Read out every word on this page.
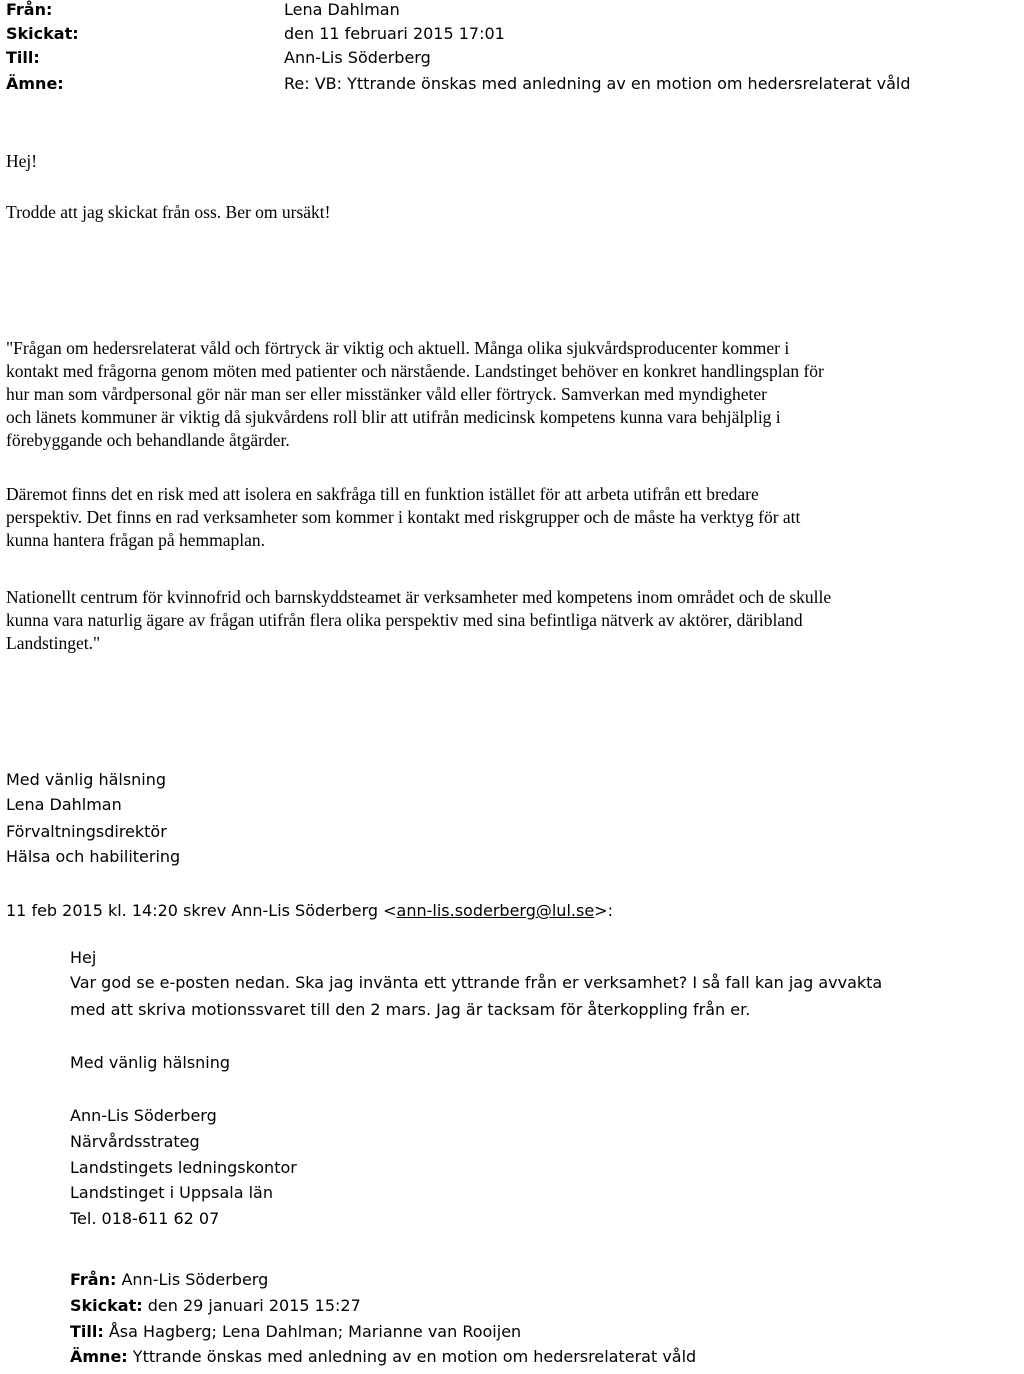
Från:	Lena Dahlman
Skickat:	den 11 februari 2015 17:01
Till:	Ann-Lis Söderberg
Ämne:	Re: VB: Yttrande önskas med anledning av en motion om hedersrelaterat våld
Hej!
Trodde att jag skickat från oss. Ber om ursäkt!
"Frågan om hedersrelaterat våld och förtryck är viktig och aktuell. Många olika sjukvårdsproducenter kommer i
kontakt med frågorna genom möten med patienter och närstående. Landstinget behöver en konkret handlingsplan för
hur man som vårdpersonal gör när man ser eller misstänker våld eller förtryck. Samverkan med myndigheter
och länets kommuner är viktig då sjukvårdens roll blir att utifrån medicinsk kompetens kunna vara behjälplig i
förebyggande och behandlande åtgärder.
Däremot finns det en risk med att isolera en sakfråga till en funktion istället för att arbeta utifrån ett bredare
perspektiv. Det finns en rad verksamheter som kommer i kontakt med riskgrupper och de måste ha verktyg för att
kunna hantera frågan på hemmaplan.
Nationellt centrum för kvinnofrid och barnskyddsteamet är verksamheter med kompetens inom området och de skulle
kunna vara naturlig ägare av frågan utifrån flera olika perspektiv med sina befintliga nätverk av aktörer, däribland
Landstinget."
Med vänlig hälsning
Lena Dahlman
Förvaltningsdirektör
Hälsa och habilitering
11 feb 2015 kl. 14:20 skrev Ann-Lis Söderberg <ann-lis.soderberg@lul.se>:
Hej
Var god se e-posten nedan. Ska jag invänta ett yttrande från er verksamhet? I så fall kan jag avvakta
med att skriva motionssvaret till den 2 mars. Jag är tacksam för återkoppling från er.
Med vänlig hälsning
Ann-Lis Söderberg
Närvårdsstrateg
Landstingets ledningskontor
Landstinget i Uppsala län
Tel. 018-611 62 07
Från: Ann-Lis Söderberg
Skickat: den 29 januari 2015 15:27
Till: Åsa Hagberg; Lena Dahlman; Marianne van Rooijen
Ämne: Yttrande önskas med anledning av en motion om hedersrelaterat våld
